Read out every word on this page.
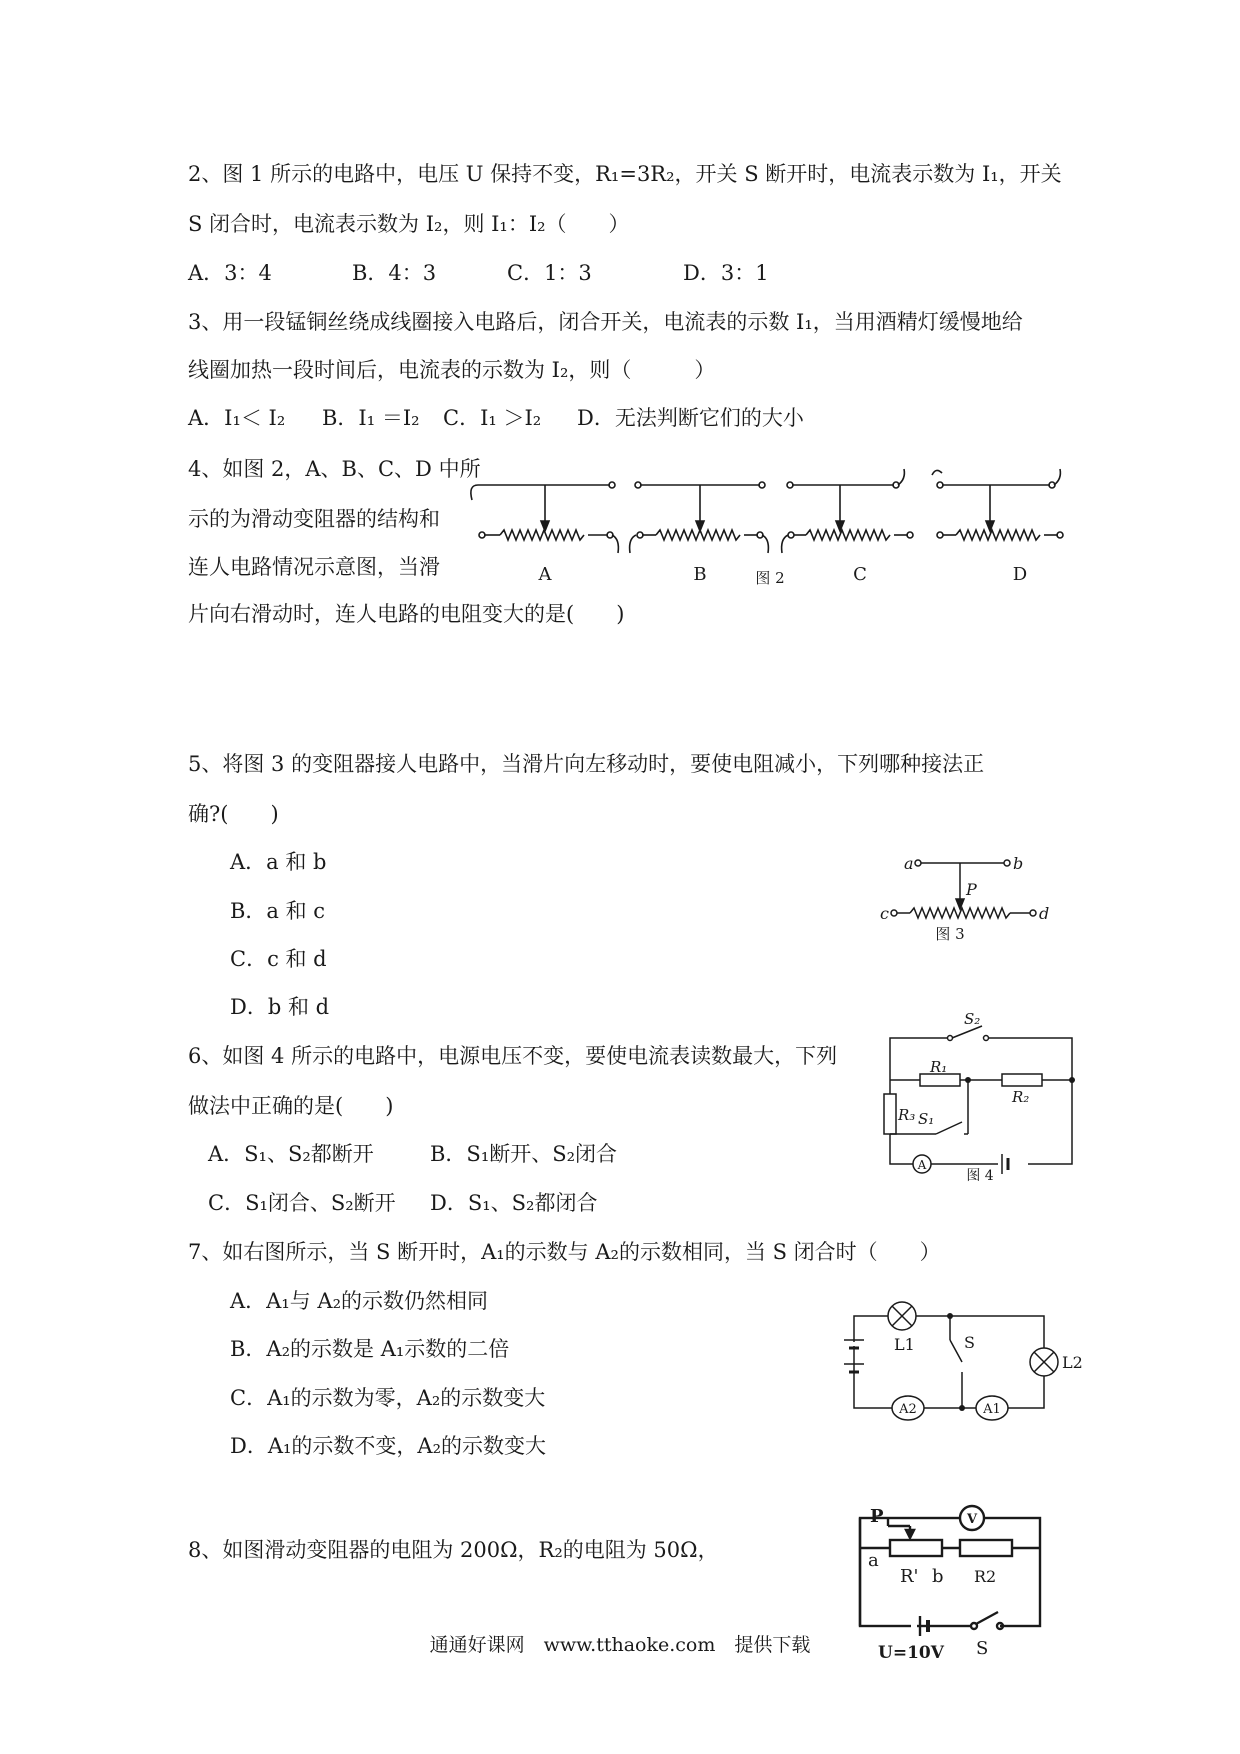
2、图 1 所示的电路中，电压 U 保持不变，R₁=3R₂，开关 S 断开时，电流表示数为 I₁，开关
S 闭合时，电流表示数为 I₂，则 I₁：I₂（　　）
A．3：4	B．4：3	C．1：3	D．3：1
3、用一段锰铜丝绕成线圈接入电路后，闭合开关，电流表的示数 I₁，当用酒精灯缓慢地给
线圈加热一段时间后，电流表的示数为 I₂，则（　　　）
A．I₁＜ I₂ B．I₁ ＝I₂ C．I₁ ＞I₂ D．无法判断它们的大小
4、如图 2，A、B、C、D 中所
示的为滑动变阻器的结构和
连人电路情况示意图，当滑
片向右滑动时，连人电路的电阻变大的是(　　)
A	B	图 2	C	D
5、将图 3 的变阻器接人电路中，当滑片向左移动时，要使电阻减小，下列哪种接法正
确?(　　)
A．a 和 b
B．a 和 c
C．c 和 d
D．b 和 d
a	b
P
c	d
图 3
6、如图 4 所示的电路中，电源电压不变，要使电流表读数最大，下列
做法中正确的是(　　)
A．S₁、S₂都断开	B．S₁断开、S₂闭合
C．S₁闭合、S₂断开 D．S₁、S₂都闭合
S₂
R₁
R₂
R₃ S₁
A
图 4
7、如右图所示，当 S 断开时，A₁的示数与 A₂的示数相同，当 S 闭合时（　　）
A．A₁与 A₂的示数仍然相同
B．A₂的示数是 A₁示数的二倍
C．A₁的示数为零，A₂的示数变大
D．A₁的示数不变，A₂的示数变大
L1	S
L2
A2	A1
8、如图滑动变阻器的电阻为 200Ω，R₂的电阻为 50Ω，
P	V
a
R' b R2
S
U=10V
通通好课网　www.tthaoke.com　提供下载
